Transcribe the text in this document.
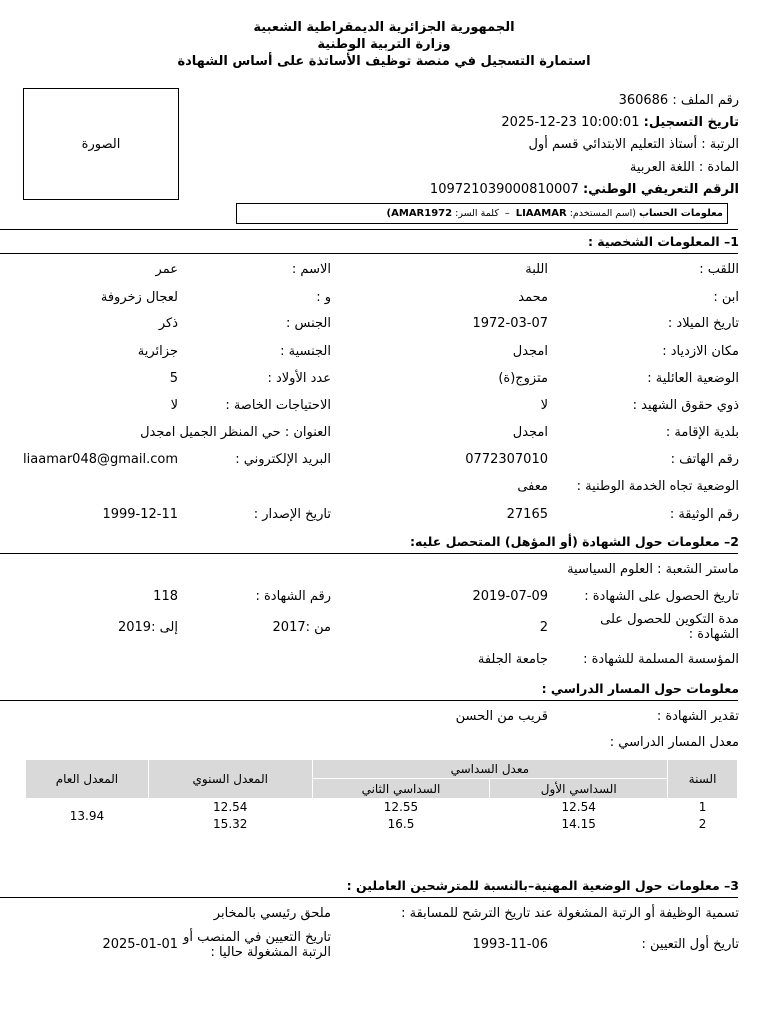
الجمهورية الجزائرية الديمقراطية الشعبية
وزارة التربية الوطنية
استمارة التسجيل في منصة توظيف الأساتذة على أساس الشهادة
الصورة
رقم الملف : 360686
تاريخ التسجيل: 2025-12-23 10:00:01
الرتبة : أستاذ التعليم الابتدائي قسم أول
المادة : اللغة العربية
الرقم التعريفي الوطني: 109721039000810007
معلومات الحساب

(اسم المستخدم:

LIAAMAR

–

كلمة السر:

AMAR1972)
1– المعلومات الشخصية :
اللقب :
اللبة
الاسم :
عمر
ابن :
محمد
و :
لعجال زخروفة
تاريخ الميلاد :
1972-03-07
الجنس :
ذكر
مكان الازدياد :
امجدل
الجنسية :
جزائرية
الوضعية العائلية :
متزوج(ة)
عدد الأولاد :
5
ذوي حقوق الشهيد :
لا
الاحتياجات الخاصة :
لا
بلدية الإقامة :
امجدل
العنوان : حي المنظر الجميل امجدل
رقم الهاتف :
0772307010
البريد الإلكتروني :
liaamar048@gmail.com
الوضعية تجاه الخدمة الوطنية :
معفى
رقم الوثيقة :
27165
تاريخ الإصدار :
1999-12-11
2– معلومات حول الشهادة (أو المؤهل) المتحصل عليه:
ماستر الشعبة : العلوم السياسية
تاريخ الحصول على الشهادة :
2019-07-09
رقم الشهادة :
118
مدة التكوين للحصول على
الشهادة :
2
من :2017
إلى :2019
المؤسسة المسلمة للشهادة :
جامعة الجلفة
معلومات حول المسار الدراسي :
تقدير الشهادة :
قريب من الحسن
معدل المسار الدراسي :
السنة	معدل السداسي		المعدل السنوي	المعدل العام
	السداسي الأول	السداسي الثاني		
1	12.54	12.55	12.54	13.94
2	14.15	16.5	15.32	
3– معلومات حول الوضعية المهنية–بالنسبة للمترشحين العاملين :
تسمية الوظيفة أو الرتبة المشغولة عند تاريخ الترشح للمسابقة :
ملحق رئيسي بالمخابر
تاريخ أول التعيين :
1993-11-06
تاريخ التعيين في المنصب أو
الرتبة المشغولة حاليا :
2025-01-01
